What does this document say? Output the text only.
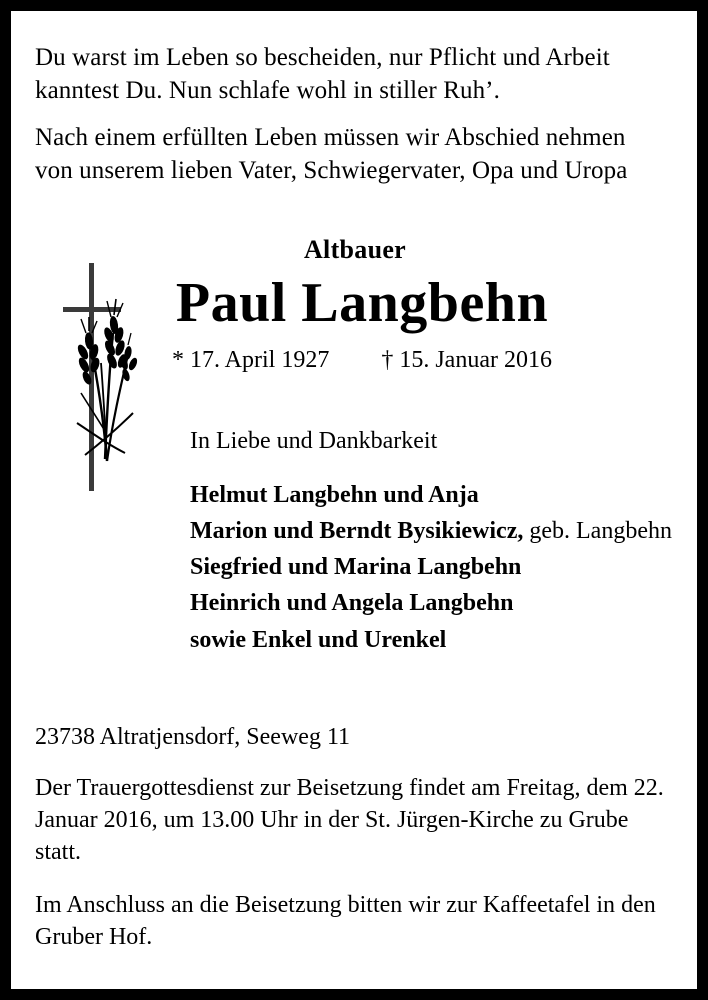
Du warst im Leben so bescheiden, nur Pflicht und Arbeit
kanntest Du. Nun schlafe wohl in stiller Ruh’.

Nach einem erfüllten Leben müssen wir Abschied nehmen
von unserem lieben Vater, Schwiegervater, Opa und Uropa

Altbauer
Paul Langbehn
* 17. April 1927 † 15. Januar 2016
In Liebe und Dankbarkeit
Helmut Langbehn und Anja
Marion und Berndt Bysikiewicz, geb. Langbehn
Siegfried und Marina Langbehn
Heinrich und Angela Langbehn
sowie Enkel und Urenkel
23738 Altratjensdorf, Seeweg 11
Der Trauergottesdienst zur Beisetzung findet am Freitag, dem 22. Januar 2016, um 13.00 Uhr in der St. Jürgen-Kirche zu Grube statt.
Im Anschluss an die Beisetzung bitten wir zur Kaffeetafel in den Gruber Hof.
